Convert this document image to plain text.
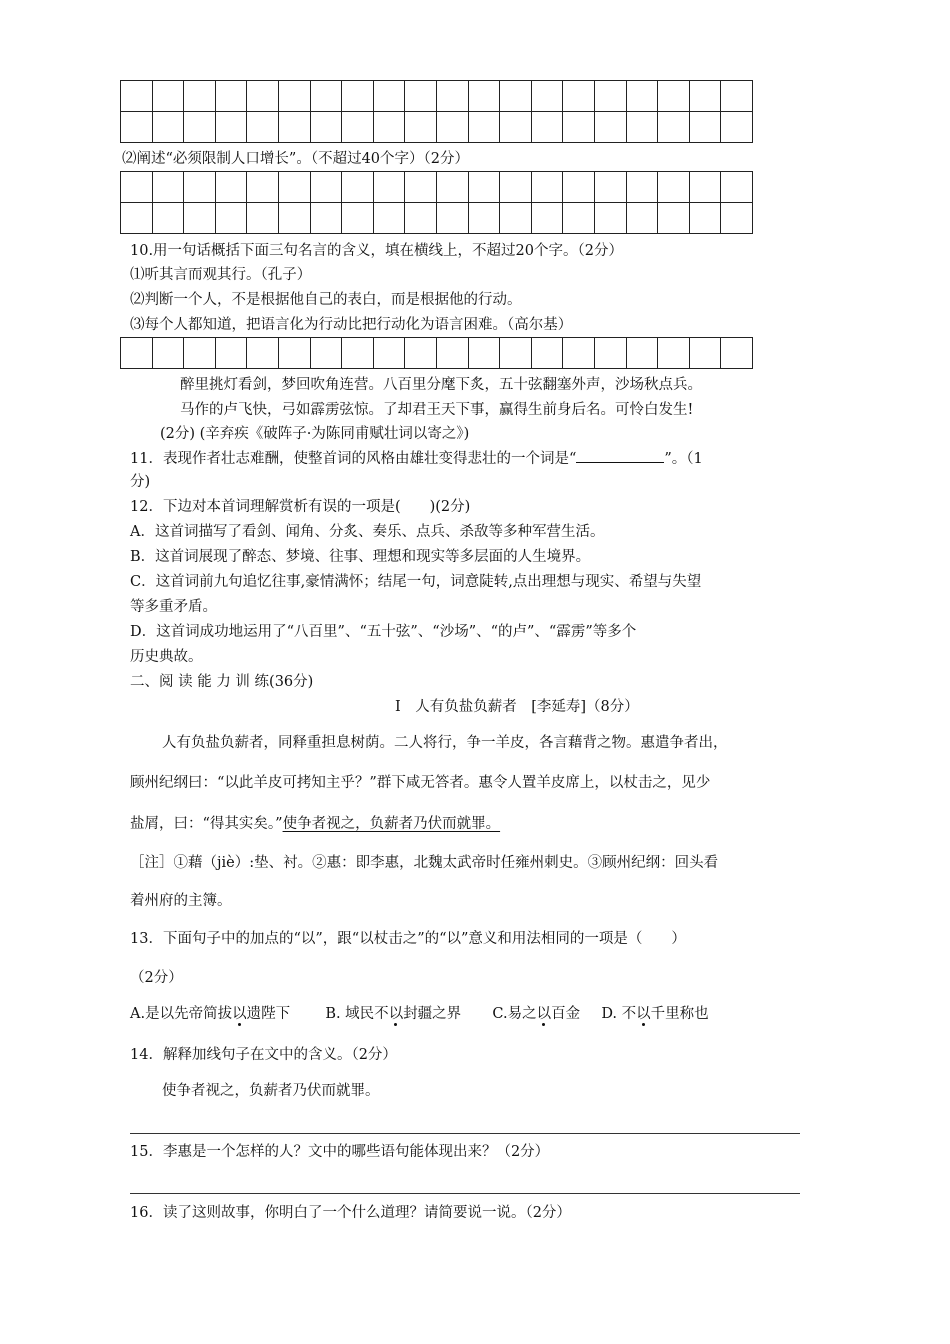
⑵阐述“必须限制人口增长”。（不超过40个字）（2分）

10.用一句话概括下面三句名言的含义，填在横线上，不超过20个字。（2分）
⑴听其言而观其行。（孔子）
⑵判断一个人，不是根据他自己的表白，而是根据他的行动。
⑶每个人都知道，把语言化为行动比把行动化为语言困难。（高尔基）

醉里挑灯看剑，梦回吹角连营。八百里分麾下炙，五十弦翻塞外声，沙场秋点兵。
马作的卢飞快，弓如霹雳弦惊。了却君王天下事，赢得生前身后名。可怜白发生!
(2分) (辛弃疾《破阵子·为陈同甫赋壮词以寄之》)
11．表现作者壮志难酬，使整首词的风格由雄壮变得悲壮的一个词是“	”。（1
分)
12．下边对本首词理解赏析有误的一项是(　　)(2分)
A．这首词描写了看剑、闻角、分炙、奏乐、点兵、杀敌等多种军营生活。
B．这首词展现了醉态、梦境、往事、理想和现实等多层面的人生境界。
C．这首词前九句追忆往事,豪情满怀；结尾一句，词意陡转,点出理想与现实、希望与失望
等多重矛盾。
D．这首词成功地运用了“八百里”、“五十弦”、“沙场”、“的卢”、“霹雳”等多个
历史典故。
二、阅 读 能 力 训 练(36分)
Ⅰ　人有负盐负薪者　[李延寿]（8分）
人有负盐负薪者，同释重担息树荫。二人将行，争一羊皮，各言藉背之物。惠遣争者出，
顾州纪纲曰：“以此羊皮可拷知主乎？”群下咸无答者。惠令人置羊皮席上，以杖击之，见少
盐屑，曰：“得其实矣。”使争者视之，负薪者乃伏而就罪。
［注］①藉（jiè）:垫、衬。②惠：即李惠，北魏太武帝时任雍州刺史。③顾州纪纲：回头看
着州府的主簿。
13．下面句子中的加点的“以”，跟“以杖击之”的“以”意义和用法相同的一项是（　　）
（2分）
A.是以先帝简拔以遗陛下 B. 域民不以封疆之界 C.易之以百金 D. 不以千里称也
14．解释加线句子在文中的含义。（2分）
使争者视之，负薪者乃伏而就罪。
15．李惠是一个怎样的人？文中的哪些语句能体现出来？（2分）
16．读了这则故事，你明白了一个什么道理？请简要说一说。（2分）
